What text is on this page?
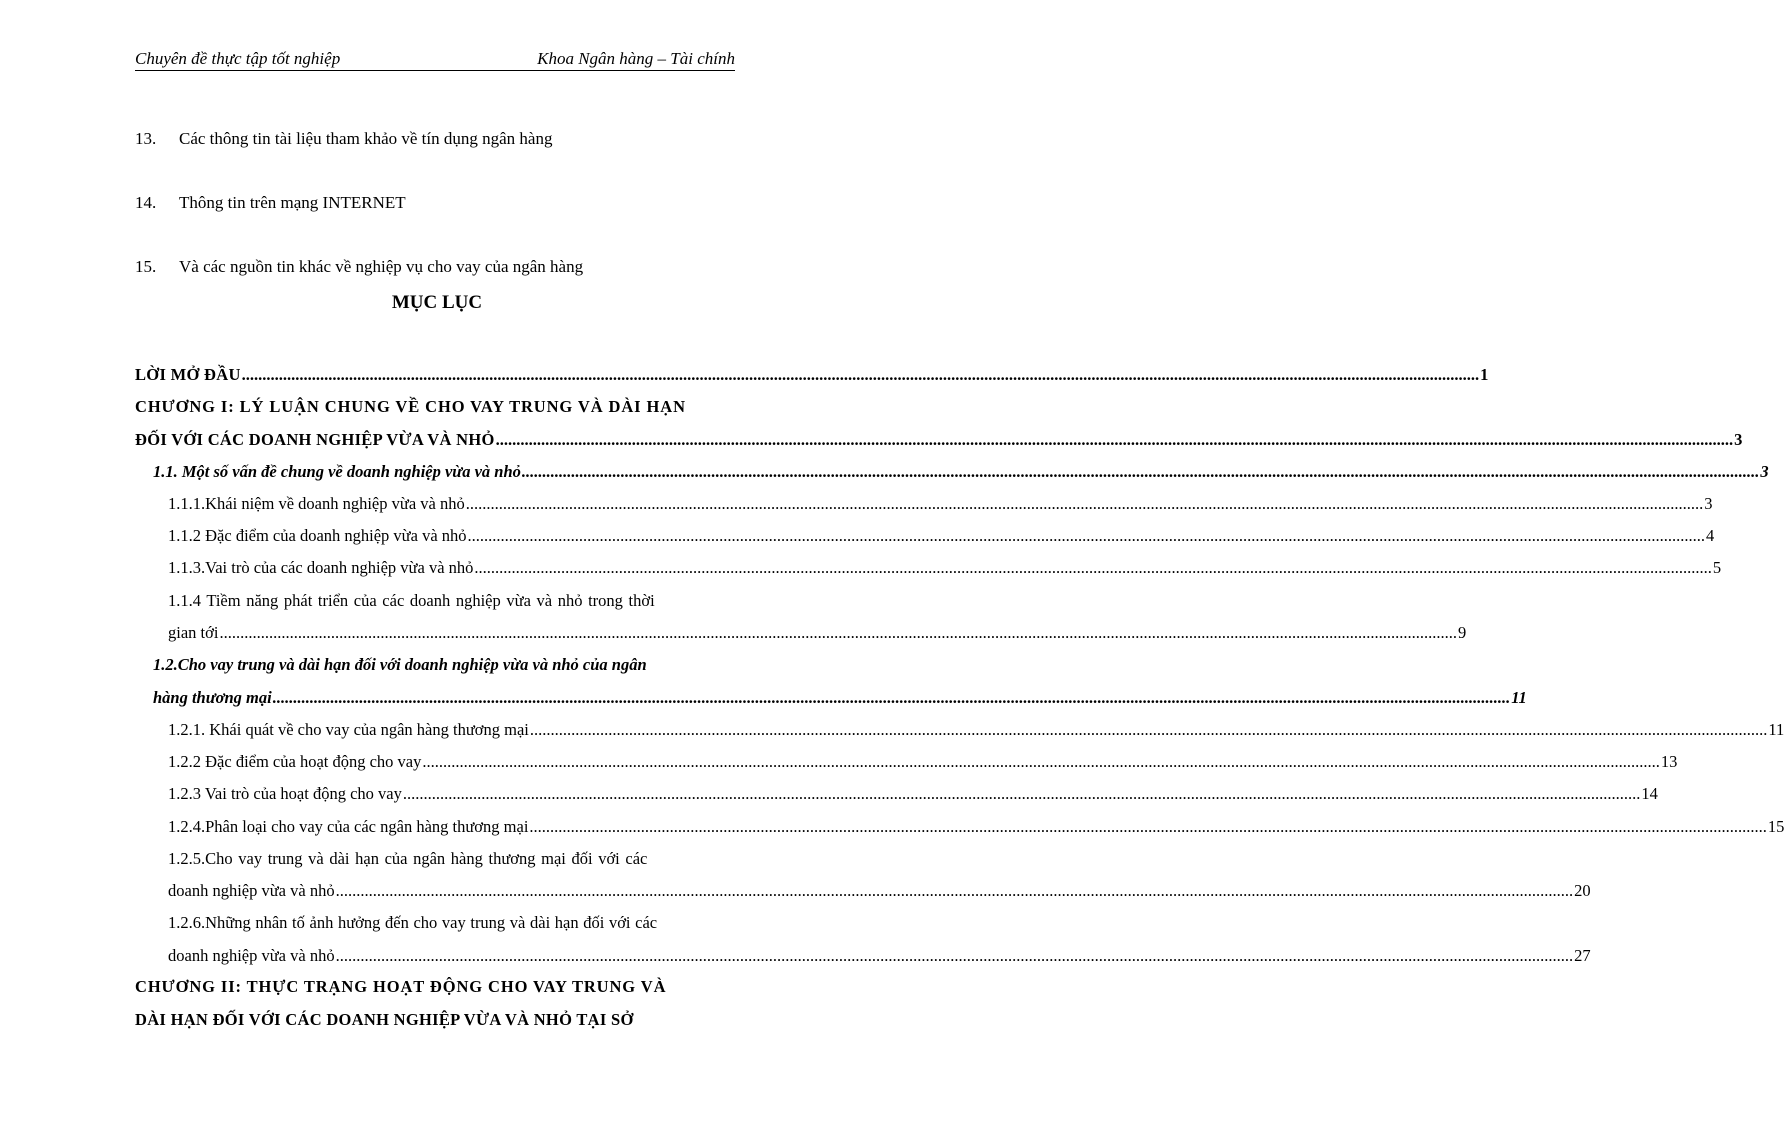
Chuyên đề thực tập tốt nghiệp	Khoa Ngân hàng – Tài chính
13. Các thông tin tài liệu tham khảo về tín dụng ngân hàng
14. Thông tin trên mạng INTERNET
15. Và các nguồn tin khác về nghiệp vụ cho vay của ngân hàng
MỤC LỤC
LỜI MỞ ĐẦU ............................................................................................................................................................................................................................................................................................................ 1
CHƯƠNG I: LÝ LUẬN CHUNG VỀ CHO VAY TRUNG VÀ DÀI HẠN
ĐỐI VỚI CÁC DOANH NGHIỆP VỪA VÀ NHỎ ............................................................................................................................................................................................................................................................................................................ 3
1.1. Một số vấn đề chung về doanh nghiệp vừa và nhỏ ............................................................................................................................................................................................................................................................................................................ 3
1.1.1.Khái niệm về doanh nghiệp vừa và nhỏ ............................................................................................................................................................................................................................................................................................................ 3
1.1.2 Đặc điểm của doanh nghiệp vừa và nhỏ ............................................................................................................................................................................................................................................................................................................ 4
1.1.3.Vai trò của các doanh nghiệp vừa và nhỏ ............................................................................................................................................................................................................................................................................................................ 5
1.1.4 Tiềm năng phát triển của các doanh nghiệp vừa và nhỏ trong thời
gian tới ............................................................................................................................................................................................................................................................................................................ 9
1.2.Cho vay trung và dài hạn đối với doanh nghiệp vừa và nhỏ của ngân
hàng thương mại ............................................................................................................................................................................................................................................................................................................ 11
1.2.1. Khái quát về cho vay của ngân hàng thương mại ............................................................................................................................................................................................................................................................................................................ 11
1.2.2 Đặc điểm của hoạt động cho vay ............................................................................................................................................................................................................................................................................................................ 13
1.2.3 Vai trò của hoạt động cho vay ............................................................................................................................................................................................................................................................................................................ 14
1.2.4.Phân loại cho vay của các ngân hàng thương mại ............................................................................................................................................................................................................................................................................................................ 15
1.2.5.Cho vay trung và dài hạn của ngân hàng thương mại đối với các
doanh nghiệp vừa và nhỏ ............................................................................................................................................................................................................................................................................................................ 20
1.2.6.Những nhân tố ảnh hưởng đến cho vay trung và dài hạn đối với các
doanh nghiệp vừa và nhỏ ............................................................................................................................................................................................................................................................................................................ 27
CHƯƠNG II: THỰC TRẠNG HOẠT ĐỘNG CHO VAY TRUNG VÀ
DÀI HẠN ĐỐI VỚI CÁC DOANH NGHIỆP VỪA VÀ NHỎ TẠI SỞ
